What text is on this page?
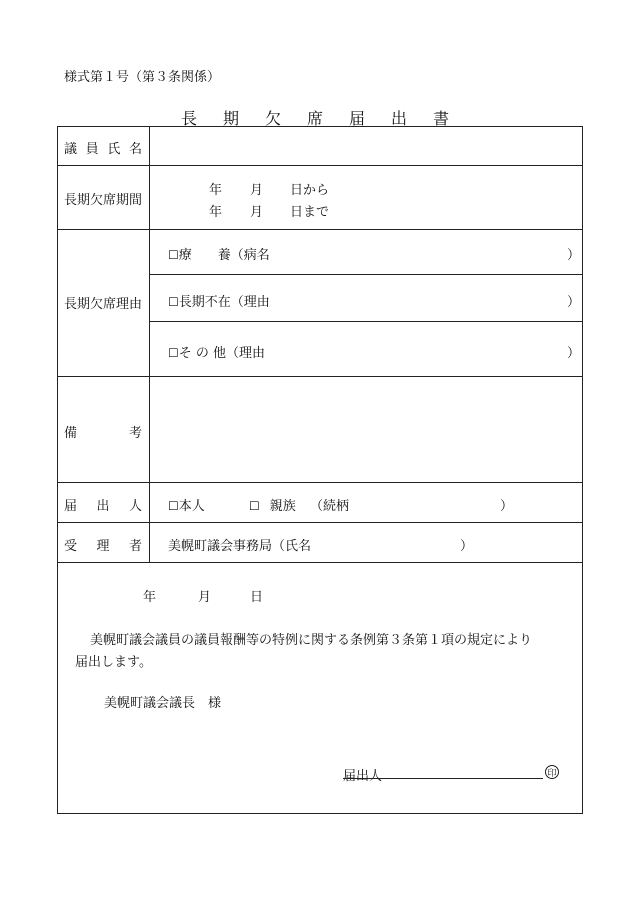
様式第１号（第３条関係）
長 期 欠 席 届 出 書
議 員 氏 名
長期欠席期間
年 月 日から
年 月 日まで
長期欠席理由
☐療　　養（病名	）
☐長期不在（理由	）
☐そ の 他（理由	）
備	考
届 出 人 ☐本人	☐ 親族 （続柄	）
受 理 者 美幌町議会事務局（氏名	）
年	月	日
美幌町議会議員の議員報酬等の特例に関する条例第３条第１項の規定により
届出します。
美幌町議会議長　様
届出人	印
